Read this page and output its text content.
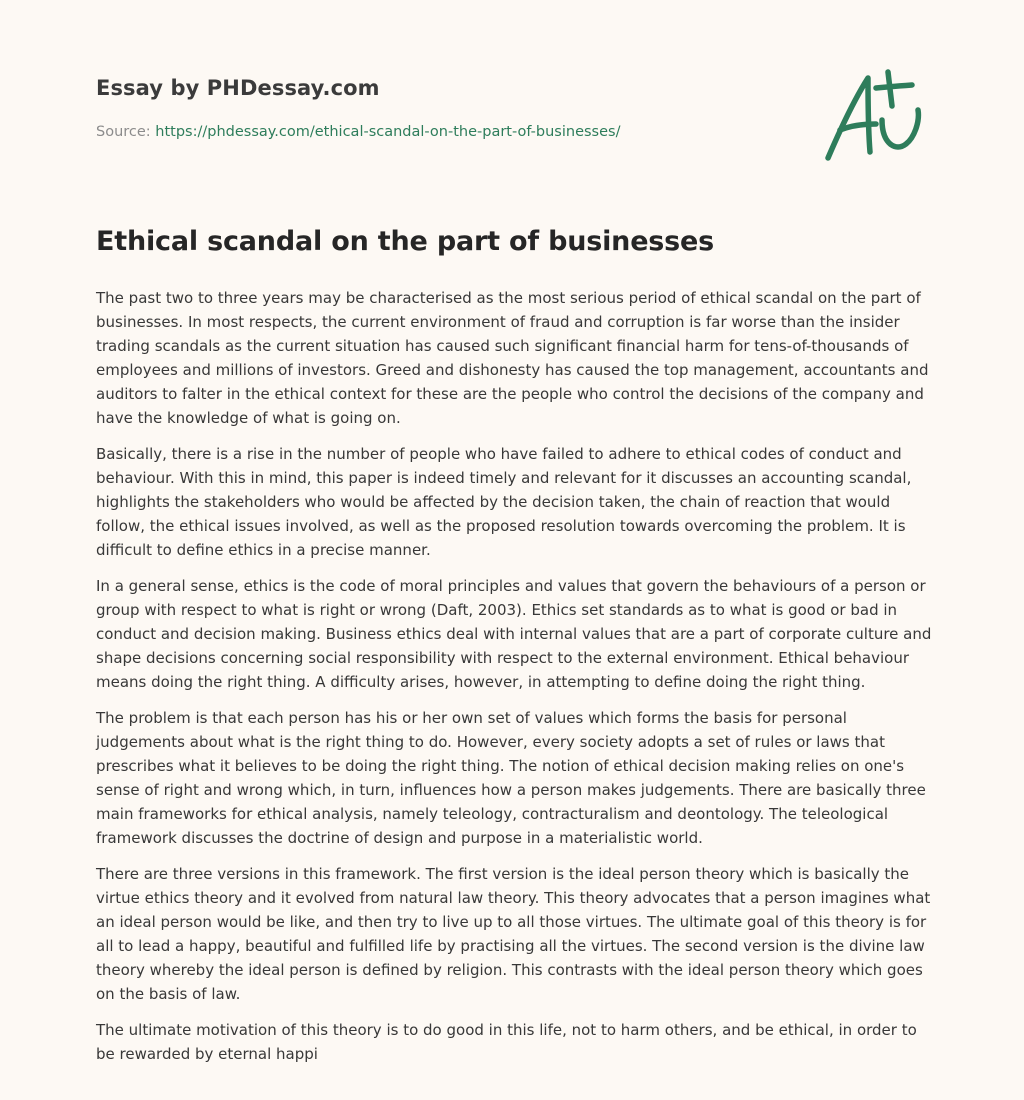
Essay by PHDessay.com

Source: https://phdessay.com/ethical-scandal-on-the-part-of-businesses/

Ethical scandal on the part of businesses

The past two to three years may be characterised as the most serious period of ethical scandal on the part of businesses. In most respects, the current environment of fraud and corruption is far worse than the insider trading scandals as the current situation has caused such significant financial harm for tens-of-thousands of employees and millions of investors. Greed and dishonesty has caused the top management, accountants and auditors to falter in the ethical context for these are the people who control the decisions of the company and have the knowledge of what is going on.

Basically, there is a rise in the number of people who have failed to adhere to ethical codes of conduct and behaviour. With this in mind, this paper is indeed timely and relevant for it discusses an accounting scandal, highlights the stakeholders who would be affected by the decision taken, the chain of reaction that would follow, the ethical issues involved, as well as the proposed resolution towards overcoming the problem. It is difficult to define ethics in a precise manner.

In a general sense, ethics is the code of moral principles and values that govern the behaviours of a person or group with respect to what is right or wrong (Daft, 2003). Ethics set standards as to what is good or bad in conduct and decision making. Business ethics deal with internal values that are a part of corporate culture and shape decisions concerning social responsibility with respect to the external environment. Ethical behaviour means doing the right thing. A difficulty arises, however, in attempting to define doing the right thing.

The problem is that each person has his or her own set of values which forms the basis for personal judgements about what is the right thing to do. However, every society adopts a set of rules or laws that prescribes what it believes to be doing the right thing. The notion of ethical decision making relies on one's sense of right and wrong which, in turn, influences how a person makes judgements. There are basically three main frameworks for ethical analysis, namely teleology, contracturalism and deontology. The teleological framework discusses the doctrine of design and purpose in a materialistic world.

There are three versions in this framework. The first version is the ideal person theory which is basically the virtue ethics theory and it evolved from natural law theory. This theory advocates that a person imagines what an ideal person would be like, and then try to live up to all those virtues. The ultimate goal of this theory is for all to lead a happy, beautiful and fulfilled life by practising all the virtues. The second version is the divine law theory whereby the ideal person is defined by religion. This contrasts with the ideal person theory which goes on the basis of law.

The ultimate motivation of this theory is to do good in this life, not to harm others, and be ethical, in order to be rewarded by eternal happi
